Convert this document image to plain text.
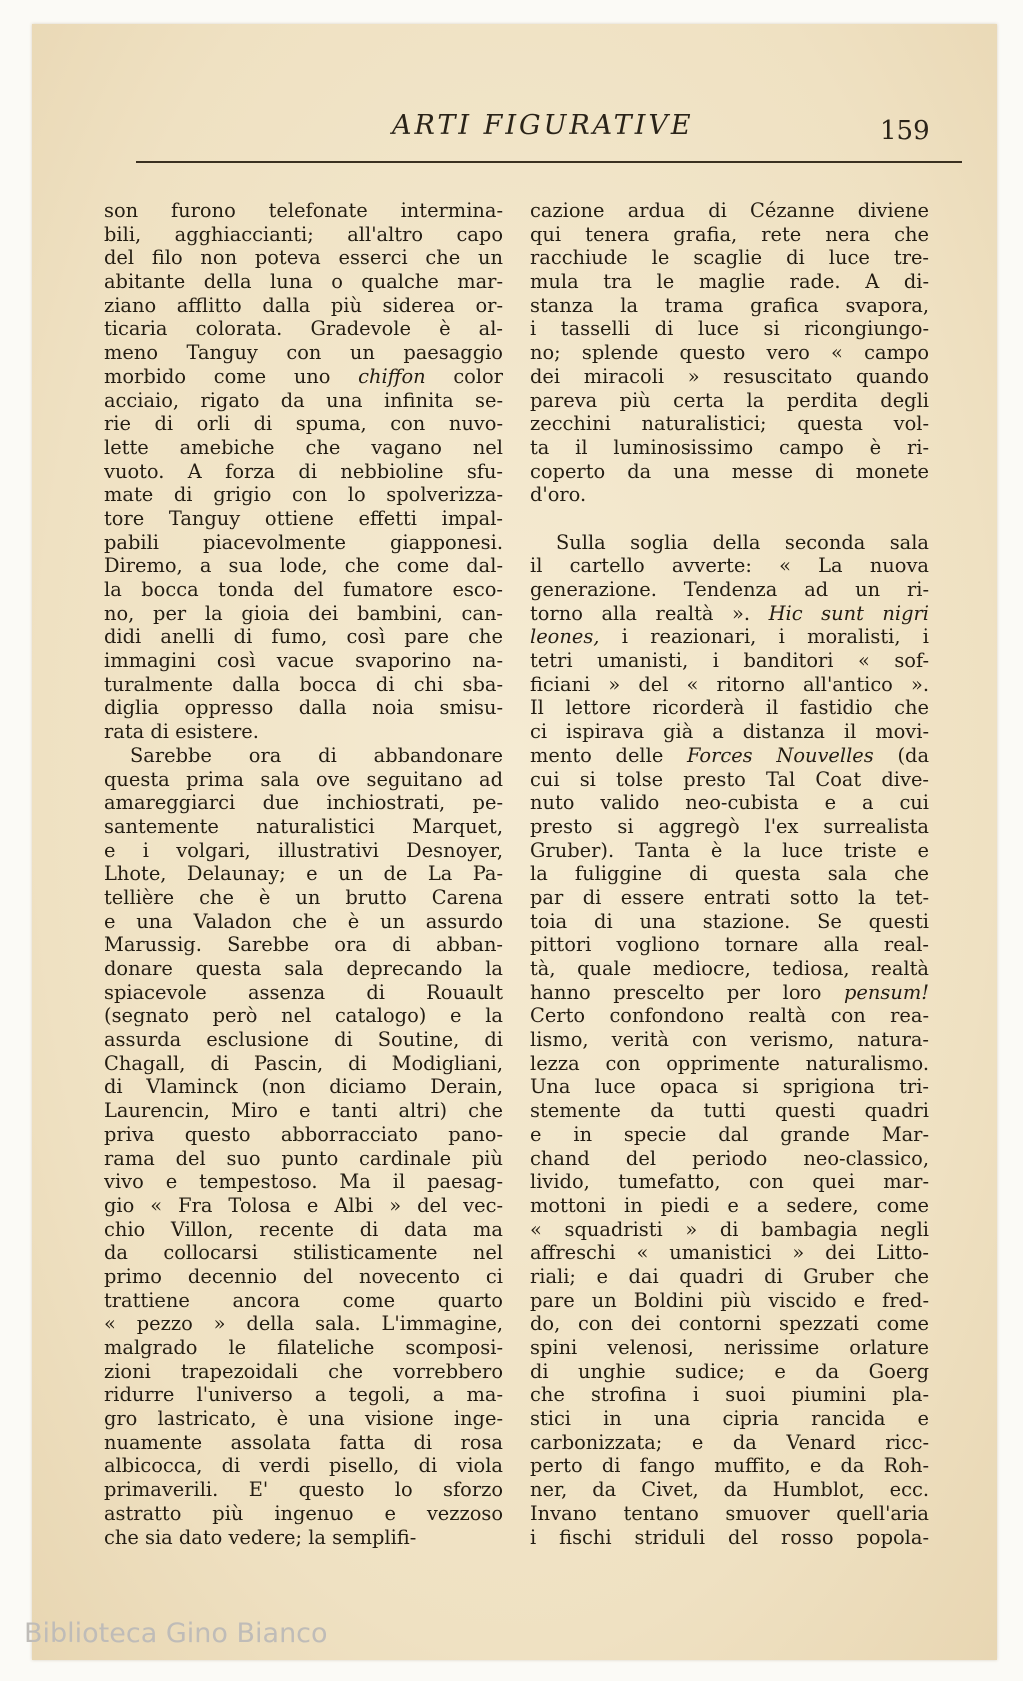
ARTI FIGURATIVE	159
son furono telefonate intermina-
bili, agghiaccianti; all'altro capo
del filo non poteva esserci che un
abitante della luna o qualche mar-
ziano afflitto dalla più siderea or-
ticaria colorata. Gradevole è al-
meno Tanguy con un paesaggio
morbido come uno chiffon color
acciaio, rigato da una infinita se-
rie di orli di spuma, con nuvo-
lette amebiche che vagano nel
vuoto. A forza di nebbioline sfu-
mate di grigio con lo spolverizza-
tore Tanguy ottiene effetti impal-
pabili piacevolmente giapponesi.
Diremo, a sua lode, che come dal-
la bocca tonda del fumatore esco-
no, per la gioia dei bambini, can-
didi anelli di fumo, così pare che
immagini così vacue svaporino na-
turalmente dalla bocca di chi sba-
diglia oppresso dalla noia smisu-
rata di esistere.
Sarebbe ora di abbandonare
questa prima sala ove seguitano ad
amareggiarci due inchiostrati, pe-
santemente naturalistici Marquet,
e i volgari, illustrativi Desnoyer,
Lhote, Delaunay; e un de La Pa-
tellière che è un brutto Carena
e una Valadon che è un assurdo
Marussig. Sarebbe ora di abban-
donare questa sala deprecando la
spiacevole assenza di Rouault
(segnato però nel catalogo) e la
assurda esclusione di Soutine, di
Chagall, di Pascin, di Modigliani,
di Vlaminck (non diciamo Derain,
Laurencin, Miro e tanti altri) che
priva questo abborracciato pano-
rama del suo punto cardinale più
vivo e tempestoso. Ma il paesag-
gio « Fra Tolosa e Albi » del vec-
chio Villon, recente di data ma
da collocarsi stilisticamente nel
primo decennio del novecento ci
trattiene ancora come quarto
« pezzo » della sala. L'immagine,
malgrado le filateliche scomposi-
zioni trapezoidali che vorrebbero
ridurre l'universo a tegoli, a ma-
gro lastricato, è una visione inge-
nuamente assolata fatta di rosa
albicocca, di verdi pisello, di viola
primaverili. E' questo lo sforzo
astratto più ingenuo e vezzoso
che sia dato vedere; la semplifi-
cazione ardua di Cézanne diviene
qui tenera grafia, rete nera che
racchiude le scaglie di luce tre-
mula tra le maglie rade. A di-
stanza la trama grafica svapora,
i tasselli di luce si ricongiungo-
no; splende questo vero « campo
dei miracoli » resuscitato quando
pareva più certa la perdita degli
zecchini naturalistici; questa vol-
ta il luminosissimo campo è ri-
coperto da una messe di monete
d'oro.
Sulla soglia della seconda sala
il cartello avverte: « La nuova
generazione. Tendenza ad un ri-
torno alla realtà ». Hic sunt nigri
leones, i reazionari, i moralisti, i
tetri umanisti, i banditori « sof-
ficiani » del « ritorno all'antico ».
Il lettore ricorderà il fastidio che
ci ispirava già a distanza il movi-
mento delle Forces Nouvelles (da
cui si tolse presto Tal Coat dive-
nuto valido neo-cubista e a cui
presto si aggregò l'ex surrealista
Gruber). Tanta è la luce triste e
la fuliggine di questa sala che
par di essere entrati sotto la tet-
toia di una stazione. Se questi
pittori vogliono tornare alla real-
tà, quale mediocre, tediosa, realtà
hanno prescelto per loro pensum!
Certo confondono realtà con rea-
lismo, verità con verismo, natura-
lezza con opprimente naturalismo.
Una luce opaca si sprigiona tri-
stemente da tutti questi quadri
e in specie dal grande Mar-
chand del periodo neo-classico,
livido, tumefatto, con quei mar-
mottoni in piedi e a sedere, come
« squadristi » di bambagia negli
affreschi « umanistici » dei Litto-
riali; e dai quadri di Gruber che
pare un Boldini più viscido e fred-
do, con dei contorni spezzati come
spini velenosi, nerissime orlature
di unghie sudice; e da Goerg
che strofina i suoi piumini pla-
stici in una cipria rancida e
carbonizzata; e da Venard ricc-
perto di fango muffito, e da Roh-
ner, da Civet, da Humblot, ecc.
Invano tentano smuover quell'aria
i fischi striduli del rosso popola-
Biblioteca Gino Bianco
